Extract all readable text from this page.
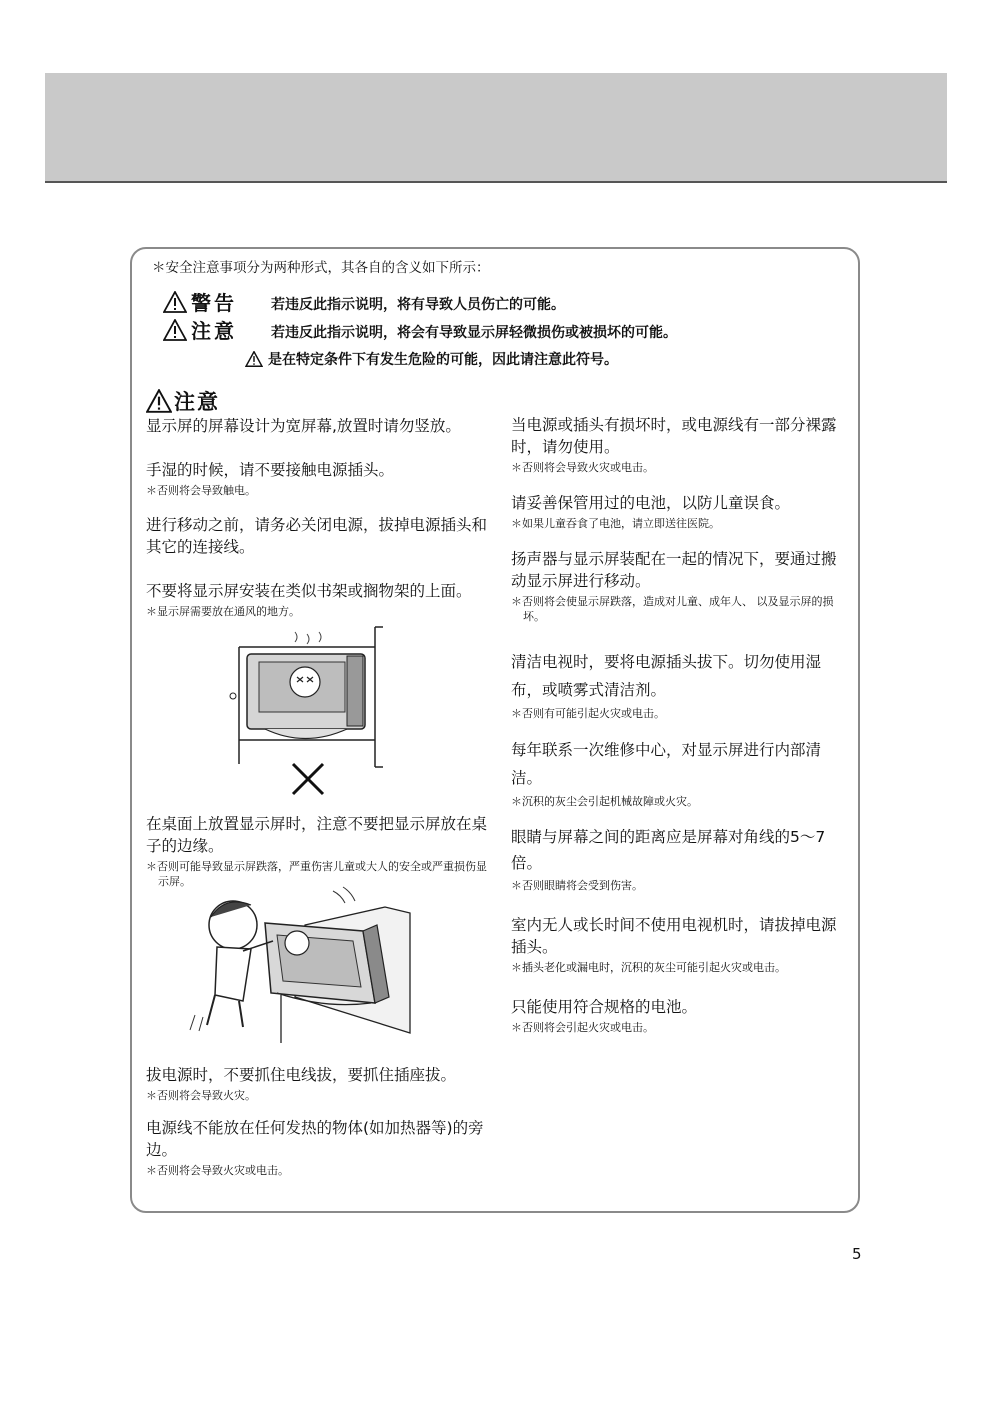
＊安全注意事项分为两种形式，其各自的含义如下所示：
警告 若违反此指示说明，将有导致人员伤亡的可能。
注意 若违反此指示说明，将会有导致显示屏轻微损伤或被损坏的可能。
是在特定条件下有发生危险的可能，因此请注意此符号。
注意
显示屏的屏幕设计为宽屏幕,放置时请勿竖放。
手湿的时候，请不要接触电源插头。
＊否则将会导致触电。
进行移动之前，请务必关闭电源，拔掉电源插头和其它的连接线。
不要将显示屏安装在类似书架或搁物架的上面。
＊显示屏需要放在通风的地方。
在桌面上放置显示屏时，注意不要把显示屏放在桌子的边缘。
＊否则可能导致显示屏跌落，严重伤害儿童或大人的安全或严重损伤显示屏。
拔电源时，不要抓住电线拔，要抓住插座拔。
＊否则将会导致火灾。
电源线不能放在任何发热的物体(如加热器等)的旁边。
＊否则将会导致火灾或电击。
当电源或插头有损坏时，或电源线有一部分裸露时，请勿使用。
＊否则将会导致火灾或电击。
请妥善保管用过的电池，以防儿童误食。
＊如果儿童吞食了电池，请立即送往医院。
扬声器与显示屏装配在一起的情况下，要通过搬动显示屏进行移动。
＊否则将会使显示屏跌落，造成对儿童、成年人、 以及显示屏的损坏。
清洁电视时，要将电源插头拔下。切勿使用湿布，或喷雾式清洁剂。
＊否则有可能引起火灾或电击。
每年联系一次维修中心，对显示屏进行内部清洁。
＊沉积的灰尘会引起机械故障或火灾。
眼睛与屏幕之间的距离应是屏幕对角线的5～7倍。
＊否则眼睛将会受到伤害。
室内无人或长时间不使用电视机时，请拔掉电源插头。
＊插头老化或漏电时，沉积的灰尘可能引起火灾或电击。
只能使用符合规格的电池。
＊否则将会引起火灾或电击。
5
